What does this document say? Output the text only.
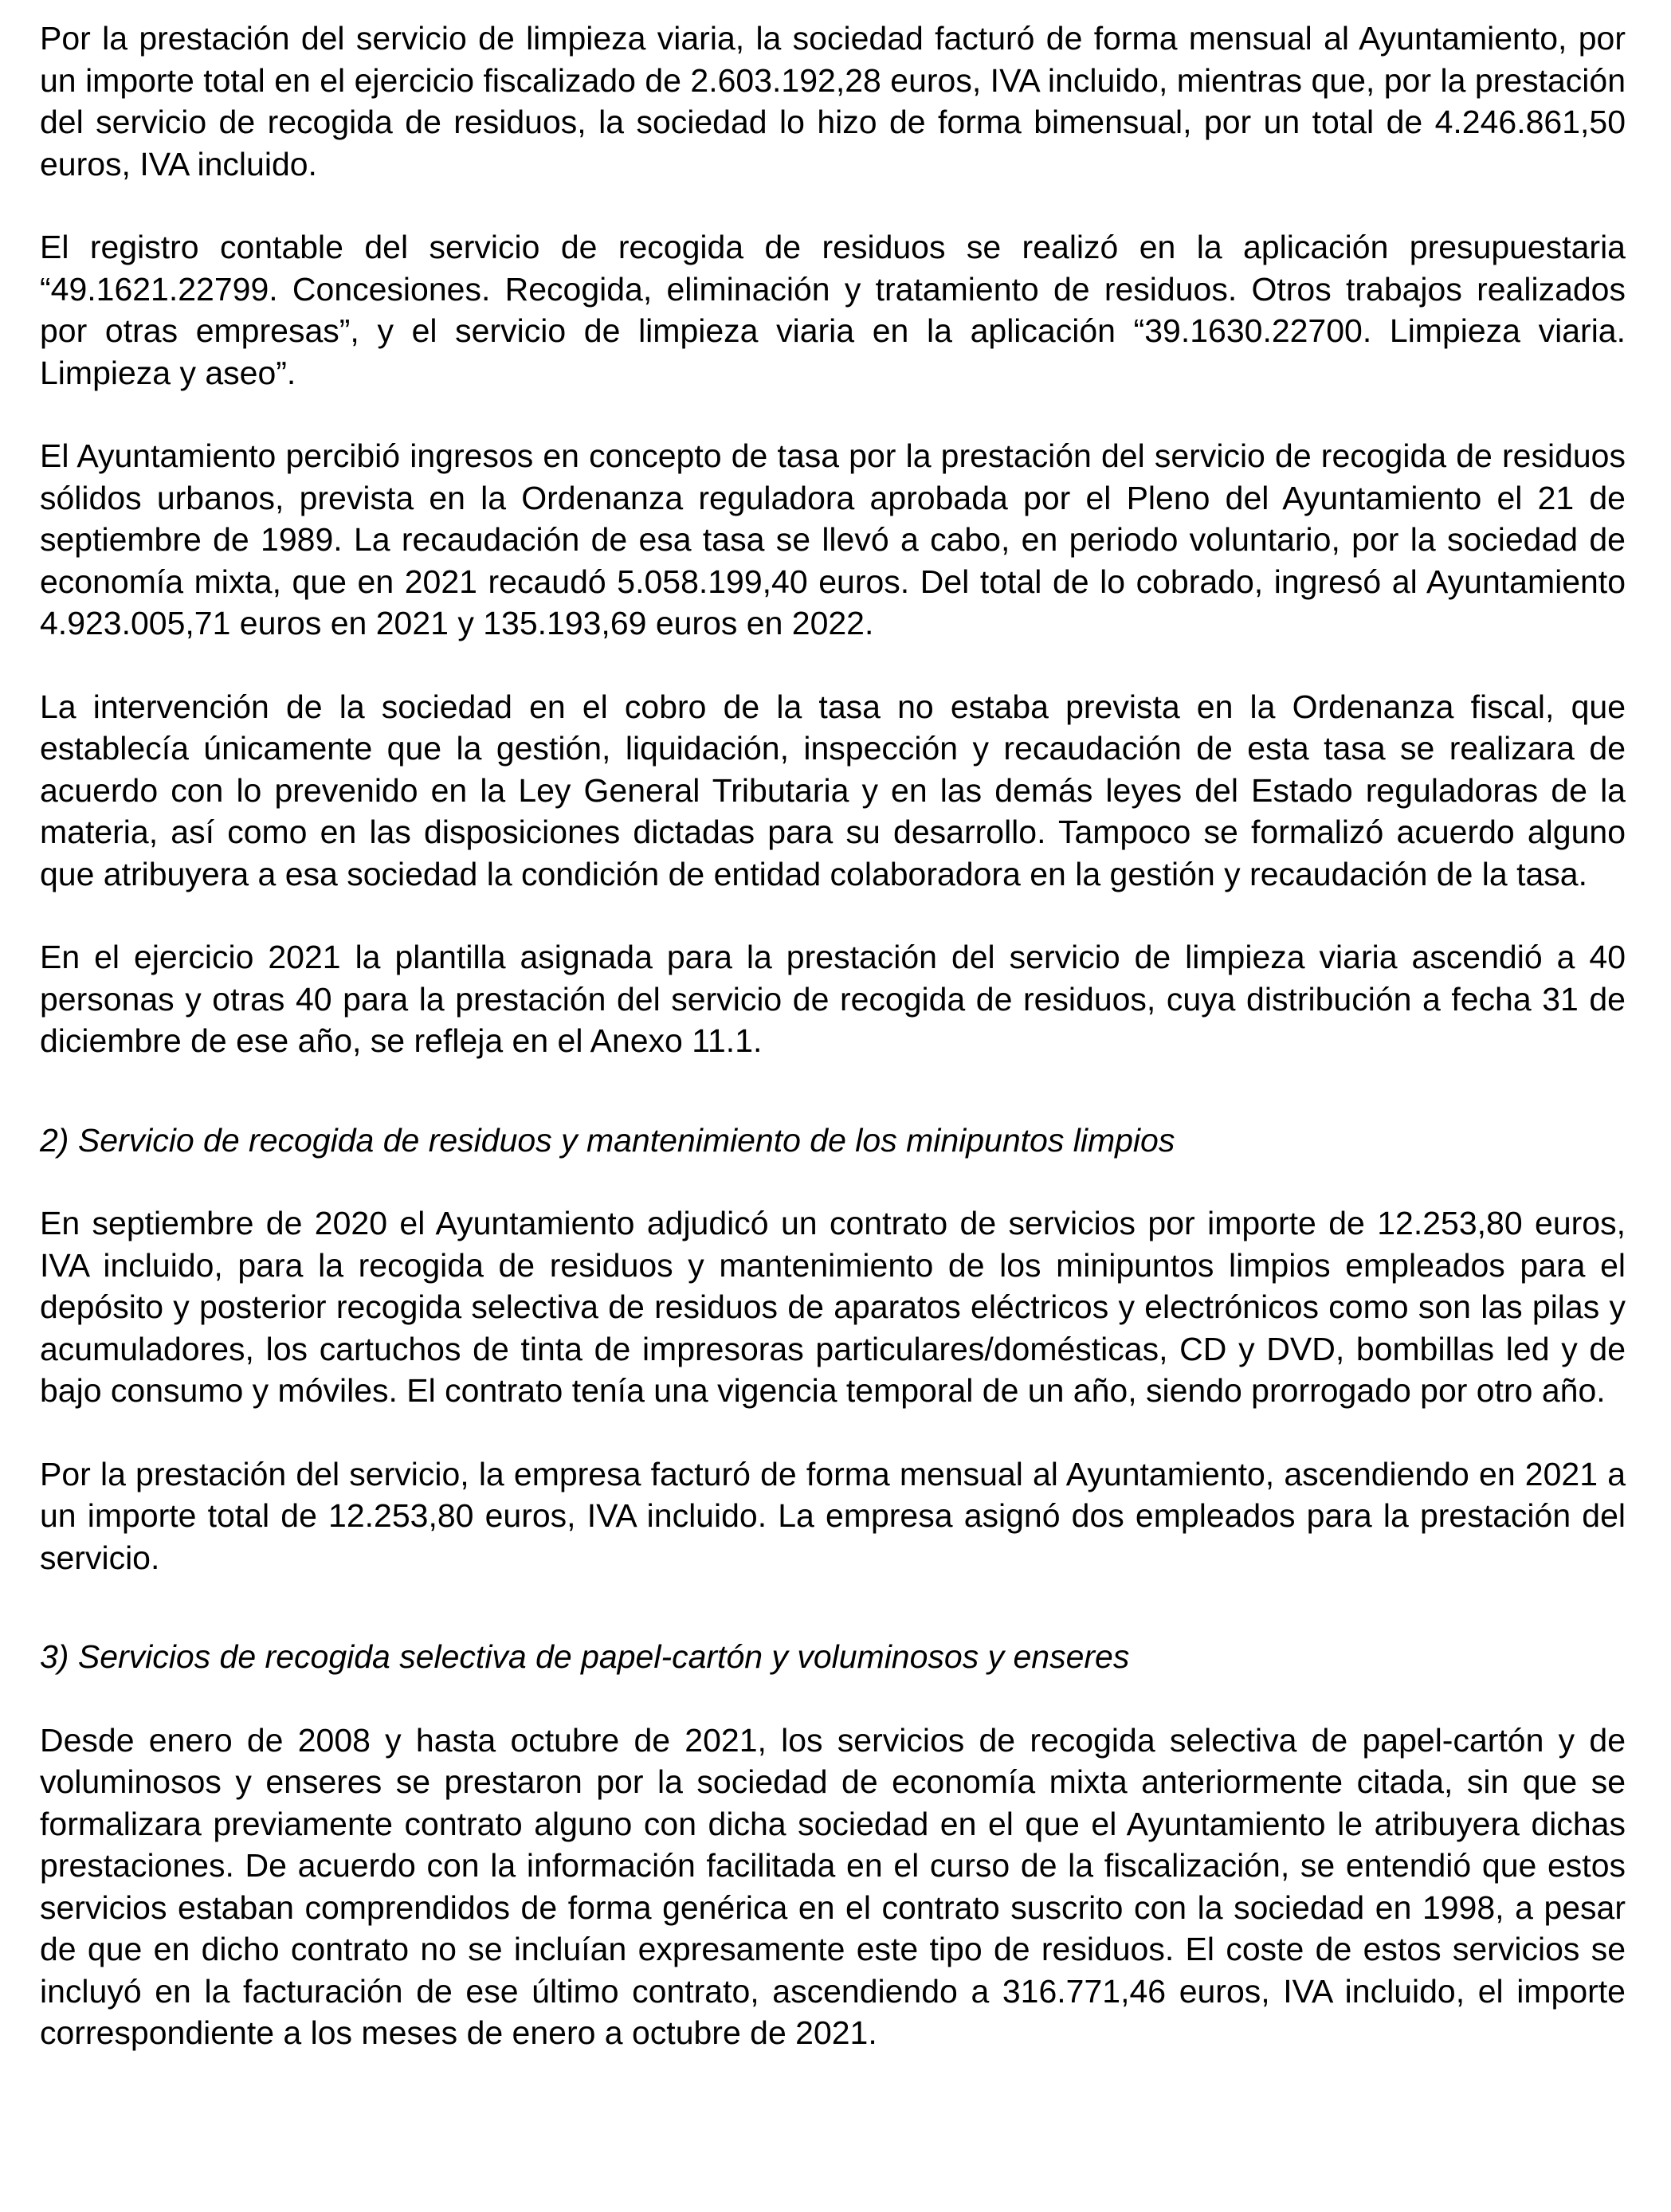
Por la prestación del servicio de limpieza viaria, la sociedad facturó de forma mensual al Ayuntamiento, por un importe total en el ejercicio fiscalizado de 2.603.192,28 euros, IVA incluido, mientras que, por la prestación del servicio de recogida de residuos, la sociedad lo hizo de forma bimensual, por un total de 4.246.861,50 euros, IVA incluido.

El registro contable del servicio de recogida de residuos se realizó en la aplicación presupuestaria “49.1621.22799. Concesiones. Recogida, eliminación y tratamiento de residuos. Otros trabajos realizados por otras empresas”, y el servicio de limpieza viaria en la aplicación “39.1630.22700. Limpieza viaria. Limpieza y aseo”.

El Ayuntamiento percibió ingresos en concepto de tasa por la prestación del servicio de recogida de residuos sólidos urbanos, prevista en la Ordenanza reguladora aprobada por el Pleno del Ayuntamiento el 21 de septiembre de 1989. La recaudación de esa tasa se llevó a cabo, en periodo voluntario, por la sociedad de economía mixta, que en 2021 recaudó 5.058.199,40 euros. Del total de lo cobrado, ingresó al Ayuntamiento 4.923.005,71 euros en 2021 y 135.193,69 euros en 2022.

La intervención de la sociedad en el cobro de la tasa no estaba prevista en la Ordenanza fiscal, que establecía únicamente que la gestión, liquidación, inspección y recaudación de esta tasa se realizara de acuerdo con lo prevenido en la Ley General Tributaria y en las demás leyes del Estado reguladoras de la materia, así como en las disposiciones dictadas para su desarrollo. Tampoco se formalizó acuerdo alguno que atribuyera a esa sociedad la condición de entidad colaboradora en la gestión y recaudación de la tasa.

En el ejercicio 2021 la plantilla asignada para la prestación del servicio de limpieza viaria ascendió a 40 personas y otras 40 para la prestación del servicio de recogida de residuos, cuya distribución a fecha 31 de diciembre de ese año, se refleja en el Anexo 11.1.

2) Servicio de recogida de residuos y mantenimiento de los minipuntos limpios

En septiembre de 2020 el Ayuntamiento adjudicó un contrato de servicios por importe de 12.253,80 euros, IVA incluido, para la recogida de residuos y mantenimiento de los minipuntos limpios empleados para el depósito y posterior recogida selectiva de residuos de aparatos eléctricos y electrónicos como son las pilas y acumuladores, los cartuchos de tinta de impresoras particulares/domésticas, CD y DVD, bombillas led y de bajo consumo y móviles. El contrato tenía una vigencia temporal de un año, siendo prorrogado por otro año.

Por la prestación del servicio, la empresa facturó de forma mensual al Ayuntamiento, ascendiendo en 2021 a un importe total de 12.253,80 euros, IVA incluido. La empresa asignó dos empleados para la prestación del servicio.

3) Servicios de recogida selectiva de papel-cartón y voluminosos y enseres

Desde enero de 2008 y hasta octubre de 2021, los servicios de recogida selectiva de papel-cartón y de voluminosos y enseres se prestaron por la sociedad de economía mixta anteriormente citada, sin que se formalizara previamente contrato alguno con dicha sociedad en el que el Ayuntamiento le atribuyera dichas prestaciones. De acuerdo con la información facilitada en el curso de la fiscalización, se entendió que estos servicios estaban comprendidos de forma genérica en el contrato suscrito con la sociedad en 1998, a pesar de que en dicho contrato no se incluían expresamente este tipo de residuos. El coste de estos servicios se incluyó en la facturación de ese último contrato, ascendiendo a 316.771,46 euros, IVA incluido, el importe correspondiente a los meses de enero a octubre de 2021.
